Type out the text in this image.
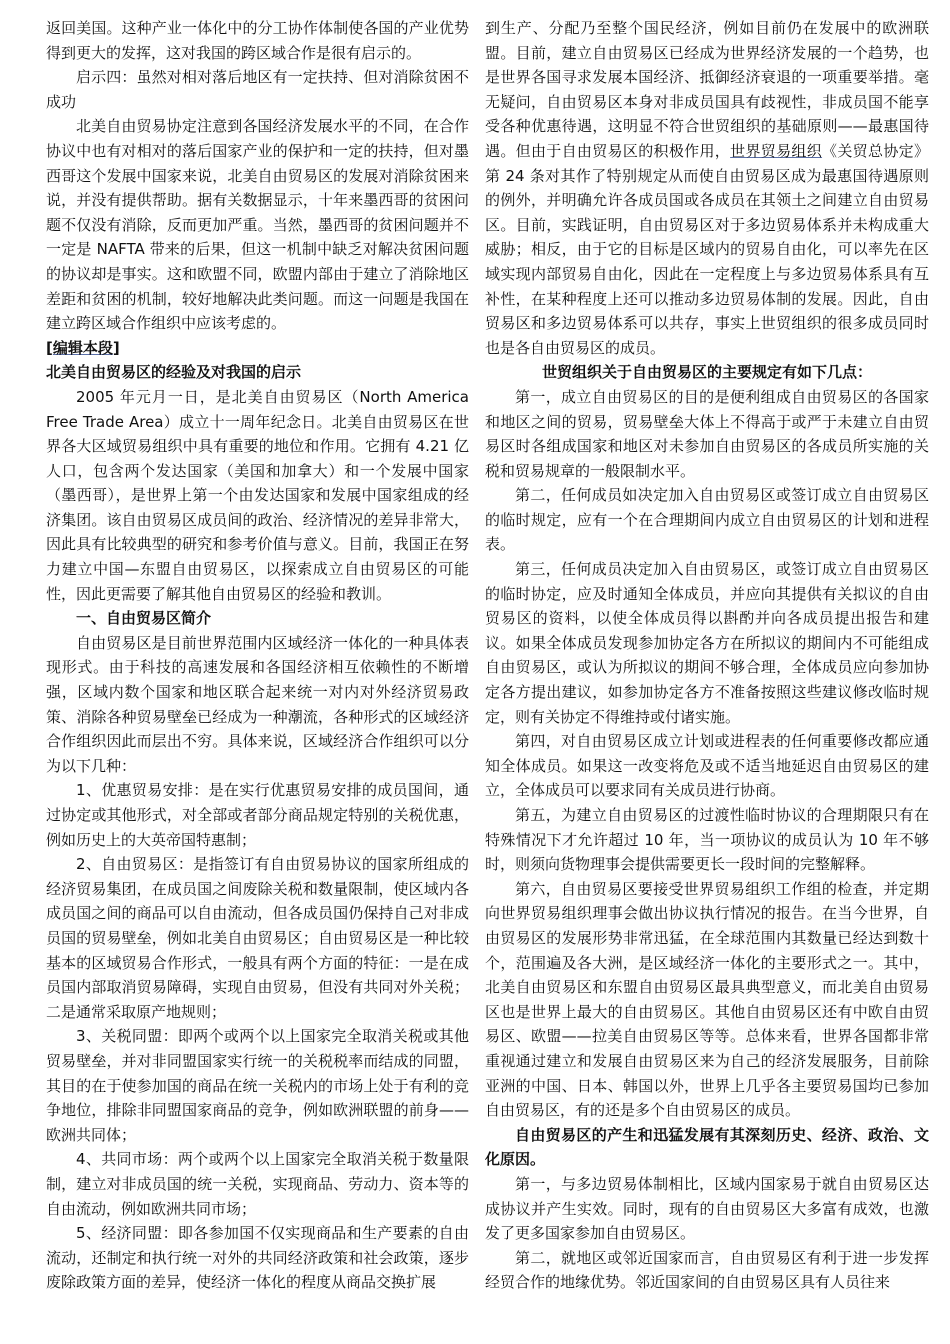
返回美国。这种产业一体化中的分工协作体制使各国的产业优势得到更大的发挥，这对我国的跨区域合作是很有启示的。

启示四：虽然对相对落后地区有一定扶持、但对消除贫困不成功

北美自由贸易协定注意到各国经济发展水平的不同，在合作协议中也有对相对的落后国家产业的保护和一定的扶持，但对墨西哥这个发展中国家来说，北美自由贸易区的发展对消除贫困来说，并没有提供帮助。据有关数据显示，十年来墨西哥的贫困问题不仅没有消除，反而更加严重。当然，墨西哥的贫困问题并不一定是 NAFTA 带来的后果，但这一机制中缺乏对解决贫困问题的协议却是事实。这和欧盟不同，欧盟内部由于建立了消除地区差距和贫困的机制，较好地解决此类问题。而这一问题是我国在建立跨区域合作组织中应该考虑的。

[编辑本段]

北美自由贸易区的经验及对我国的启示

2005 年元月一日，是北美自由贸易区（North America Free Trade Area）成立十一周年纪念日。北美自由贸易区在世界各大区域贸易组织中具有重要的地位和作用。它拥有 4.21 亿人口，包含两个发达国家（美国和加拿大）和一个发展中国家（墨西哥），是世界上第一个由发达国家和发展中国家组成的经济集团。该自由贸易区成员间的政治、经济情况的差异非常大，因此具有比较典型的研究和参考价值与意义。目前，我国正在努力建立中国—东盟自由贸易区，以探索成立自由贸易区的可能性，因此更需要了解其他自由贸易区的经验和教训。

一、自由贸易区简介

自由贸易区是目前世界范围内区域经济一体化的一种具体表现形式。由于科技的高速发展和各国经济相互依赖性的不断增强，区域内数个国家和地区联合起来统一对内对外经济贸易政策、消除各种贸易壁垒已经成为一种潮流，各种形式的区域经济合作组织因此而层出不穷。具体来说，区域经济合作组织可以分为以下几种：

1、优惠贸易安排：是在实行优惠贸易安排的成员国间，通过协定或其他形式，对全部或者部分商品规定特别的关税优惠，例如历史上的大英帝国特惠制；

2、自由贸易区：是指签订有自由贸易协议的国家所组成的经济贸易集团，在成员国之间废除关税和数量限制，使区域内各成员国之间的商品可以自由流动，但各成员国仍保持自己对非成员国的贸易壁垒，例如北美自由贸易区；自由贸易区是一种比较基本的区域贸易合作形式，一般具有两个方面的特征：一是在成员国内部取消贸易障碍，实现自由贸易，但没有共同对外关税；二是通常采取原产地规则；

3、关税同盟：即两个或两个以上国家完全取消关税或其他贸易壁垒，并对非同盟国家实行统一的关税税率而结成的同盟，其目的在于使参加国的商品在统一关税内的市场上处于有利的竞争地位，排除非同盟国家商品的竞争，例如欧洲联盟的前身——欧洲共同体；

4、共同市场：两个或两个以上国家完全取消关税于数量限制，建立对非成员国的统一关税，实现商品、劳动力、资本等的自由流动，例如欧洲共同市场；

5、经济同盟：即各参加国不仅实现商品和生产要素的自由流动，还制定和执行统一对外的共同经济政策和社会政策，逐步废除政策方面的差异，使经济一体化的程度从商品交换扩展

到生产、分配乃至整个国民经济，例如目前仍在发展中的欧洲联盟。目前，建立自由贸易区已经成为世界经济发展的一个趋势，也是世界各国寻求发展本国经济、抵御经济衰退的一项重要举措。毫无疑问，自由贸易区本身对非成员国具有歧视性，非成员国不能享受各种优惠待遇，这明显不符合世贸组织的基础原则——最惠国待遇。但由于自由贸易区的积极作用，世界贸易组织《关贸总协定》第 24 条对其作了特别规定从而使自由贸易区成为最惠国待遇原则的例外，并明确允许各成员国或各成员在其领土之间建立自由贸易区。目前，实践证明，自由贸易区对于多边贸易体系并未构成重大威胁；相反，由于它的目标是区域内的贸易自由化，可以率先在区域实现内部贸易自由化，因此在一定程度上与多边贸易体系具有互补性，在某种程度上还可以推动多边贸易体制的发展。因此，自由贸易区和多边贸易体系可以共存，事实上世贸组织的很多成员同时也是各自由贸易区的成员。

世贸组织关于自由贸易区的主要规定有如下几点：

第一，成立自由贸易区的目的是便利组成自由贸易区的各国家和地区之间的贸易，贸易壁垒大体上不得高于或严于未建立自由贸易区时各组成国家和地区对未参加自由贸易区的各成员所实施的关税和贸易规章的一般限制水平。

第二，任何成员如决定加入自由贸易区或签订成立自由贸易区的临时规定，应有一个在合理期间内成立自由贸易区的计划和进程表。

第三，任何成员决定加入自由贸易区，或签订成立自由贸易区的临时协定，应及时通知全体成员，并应向其提供有关拟议的自由贸易区的资料，以使全体成员得以斟酌并向各成员提出报告和建议。如果全体成员发现参加协定各方在所拟议的期间内不可能组成自由贸易区，或认为所拟议的期间不够合理，全体成员应向参加协定各方提出建议，如参加协定各方不准备按照这些建议修改临时规定，则有关协定不得维持或付诸实施。

第四，对自由贸易区成立计划或进程表的任何重要修改都应通知全体成员。如果这一改变将危及或不适当地延迟自由贸易区的建立，全体成员可以要求同有关成员进行协商。

第五，为建立自由贸易区的过渡性临时协议的合理期限只有在特殊情况下才允许超过 10 年，当一项协议的成员认为 10 年不够时，则须向货物理事会提供需要更长一段时间的完整解释。

第六，自由贸易区要接受世界贸易组织工作组的检查，并定期向世界贸易组织理事会做出协议执行情况的报告。在当今世界，自由贸易区的发展形势非常迅猛，在全球范围内其数量已经达到数十个，范围遍及各大洲，是区域经济一体化的主要形式之一。其中，北美自由贸易区和东盟自由贸易区最具典型意义，而北美自由贸易区也是世界上最大的自由贸易区。其他自由贸易区还有中欧自由贸易区、欧盟——拉美自由贸易区等等。总体来看，世界各国都非常重视通过建立和发展自由贸易区来为自己的经济发展服务，目前除亚洲的中国、日本、韩国以外，世界上几乎各主要贸易国均已参加自由贸易区，有的还是多个自由贸易区的成员。

自由贸易区的产生和迅猛发展有其深刻历史、经济、政治、文化原因。

第一，与多边贸易体制相比，区域内国家易于就自由贸易区达成协议并产生实效。同时，现有的自由贸易区大多富有成效，也激发了更多国家参加自由贸易区。

第二，就地区或邻近国家而言，自由贸易区有利于进一步发挥经贸合作的地缘优势。邻近国家间的自由贸易区具有人员往来
